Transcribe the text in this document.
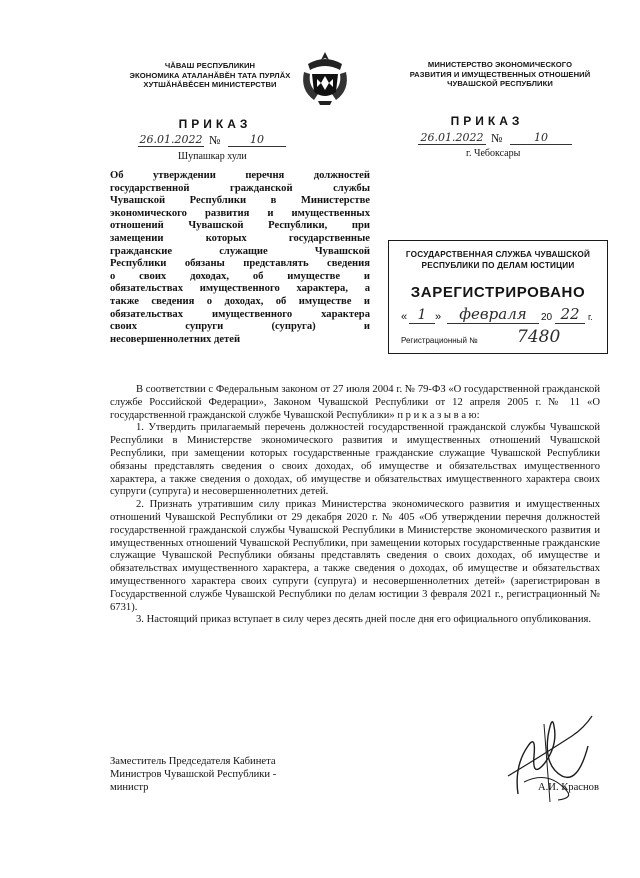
ЧӐВАШ РЕСПУБЛИКИН
ЭКОНОМИКА АТАЛАНӐВӖН ТАТА ПУРЛӐХ
ХУТШӐНӐВӖСЕН МИНИСТЕРСТВИ
МИНИСТЕРСТВО ЭКОНОМИЧЕСКОГО
РАЗВИТИЯ И ИМУЩЕСТВЕННЫХ ОТНОШЕНИЙ
ЧУВАШСКОЙ РЕСПУБЛИКИ
ПРИКАЗ	ПРИКАЗ
26.01.2022 №	10
Шупашкар хули
26.01.2022 №	10
г. Чебоксары
Об утверждении перечня должностей
государственной гражданской службы
Чувашской Республики в Министерстве
экономического развития и имущественных
отношений Чувашской Республики, при
замещении которых государственные
гражданские служащие Чувашской
Республики обязаны представлять сведения
о своих доходах, об имуществе и
обязательствах имущественного характера, а
также сведения о доходах, об имуществе и
обязательствах имущественного характера
своих супруги (супруга) и
несовершеннолетних детей
ГОСУДАРСТВЕННАЯ СЛУЖБА ЧУВАШСКОЙ
РЕСПУБЛИКИ ПО ДЕЛАМ ЮСТИЦИИ
ЗАРЕГИСТРИРОВАНО
« 1 »	февраля	20 22 г.
Регистрационный № 7480

В соответствии с Федеральным законом от 27 июля 2004 г. № 79-ФЗ «О государственной гражданской службе Российской Федерации», Законом Чувашской Республики от 12 апреля 2005 г. № 11 «О государственной гражданской службе Чувашской Республики» п р и к а з ы в а ю:

1. Утвердить прилагаемый перечень должностей государственной гражданской службы Чувашской Республики в Министерстве экономического развития и имущественных отношений Чувашской Республики, при замещении которых государственные гражданские служащие Чувашской Республики обязаны представлять сведения о своих доходах, об имуществе и обязательствах имущественного характера, а также сведения о доходах, об имуществе и обязательствах имущественного характера своих супруги (супруга) и несовершеннолетних детей.

2. Признать утратившим силу приказ Министерства экономического развития и имущественных отношений Чувашской Республики от 29 декабря 2020 г. № 405 «Об утверждении перечня должностей государственной гражданской службы Чувашской Республики в Министерстве экономического развития и имущественных отношений Чувашской Республики, при замещении которых государственные гражданские служащие Чувашской Республики обязаны представлять сведения о своих доходах, об имуществе и обязательствах имущественного характера, а также сведения о доходах, об имуществе и обязательствах имущественного характера своих супруги (супруга) и несовершеннолетних детей» (зарегистрирован в Государственной службе Чувашской Республики по делам юстиции 3 февраля 2021 г., регистрационный № 6731).

3. Настоящий приказ вступает в силу через десять дней после дня его официального опубликования.

Заместитель Председателя Кабинета
Министров Чувашской Республики -
министр	А.И. Краснов
